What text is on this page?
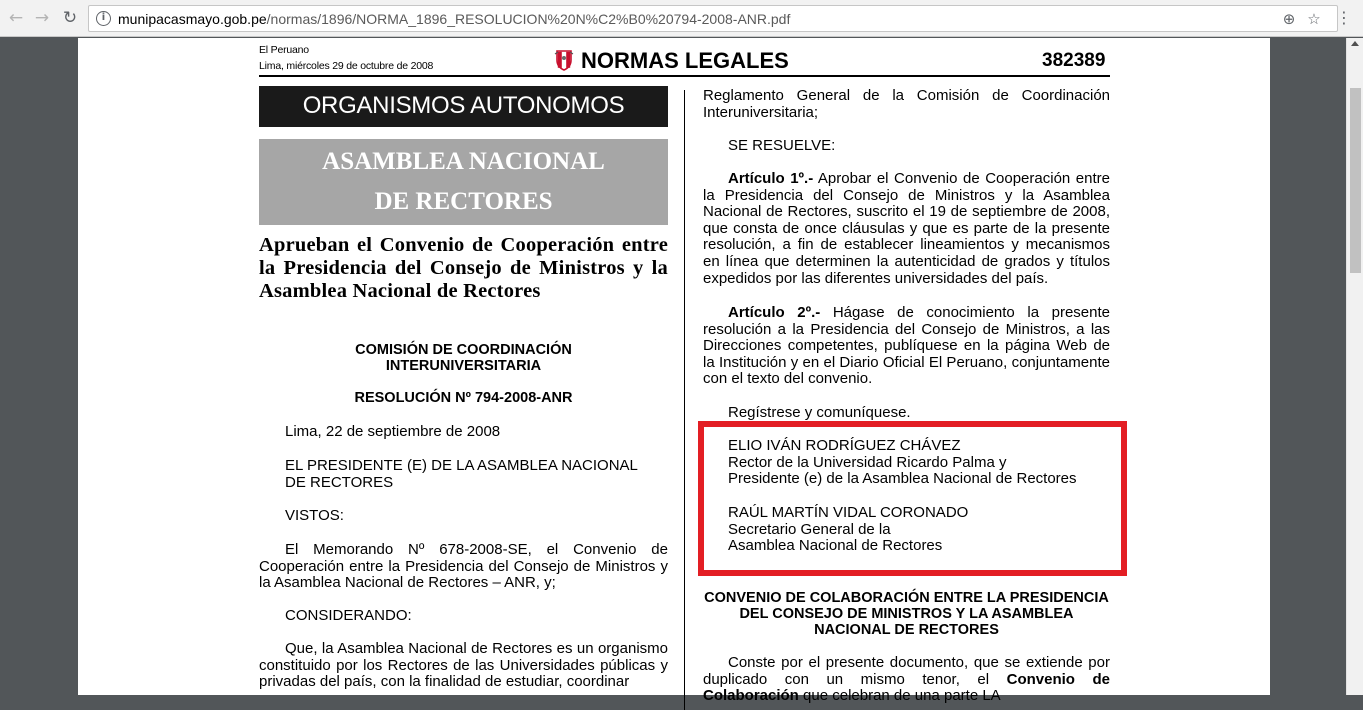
← → ↻	i munipacasmayo.gob.pe/normas/1896/NORMA_1896_RESOLUCION%20N%C2%B0%20794-2008-ANR.pdf	⊕ ☆ ⋮
El Peruano
Lima, miércoles 29 de octubre de 2008	NORMAS LEGALES	382389
ORGANISMOS AUTONOMOS
ASAMBLEA NACIONAL
DE RECTORES
Aprueban el Convenio de Cooperación entre la Presidencia del Consejo de Ministros y la Asamblea Nacional de Rectores
COMISIÓN DE COORDINACIÓN
INTERUNIVERSITARIA
RESOLUCIÓN Nº 794-2008-ANR
Lima, 22 de septiembre de 2008
EL PRESIDENTE (E) DE LA ASAMBLEA NACIONAL
DE RECTORES
VISTOS:
El Memorando Nº 678-2008-SE, el Convenio de Cooperación entre la Presidencia del Consejo de Ministros y la Asamblea Nacional de Rectores – ANR, y;
CONSIDERANDO:
Que, la Asamblea Nacional de Rectores es un organismo constituido por los Rectores de las Universidades públicas y privadas del país, con la finalidad de estudiar, coordinar
Reglamento General de la Comisión de Coordinación Interuniversitaria;
SE RESUELVE:
Artículo 1º.- Aprobar el Convenio de Cooperación entre la Presidencia del Consejo de Ministros y la Asamblea Nacional de Rectores, suscrito el 19 de septiembre de 2008, que consta de once cláusulas y que es parte de la presente resolución, a fin de establecer lineamientos y mecanismos en línea que determinen la autenticidad de grados y títulos expedidos por las diferentes universidades del país.
Artículo 2º.- Hágase de conocimiento la presente resolución a la Presidencia del Consejo de Ministros, a las Direcciones competentes, publíquese en la página Web de la Institución y en el Diario Oficial El Peruano, conjuntamente con el texto del convenio.
Regístrese y comuníquese.
ELIO IVÁN RODRÍGUEZ CHÁVEZ
Rector de la Universidad Ricardo Palma y
Presidente (e) de la Asamblea Nacional de Rectores
RAÚL MARTÍN VIDAL CORONADO
Secretario General de la
Asamblea Nacional de Rectores
CONVENIO DE COLABORACIÓN ENTRE LA PRESIDENCIA DEL CONSEJO DE MINISTROS Y LA ASAMBLEA NACIONAL DE RECTORES
Conste por el presente documento, que se extiende por duplicado con un mismo tenor, el Convenio de Colaboración que celebran de una parte LA
